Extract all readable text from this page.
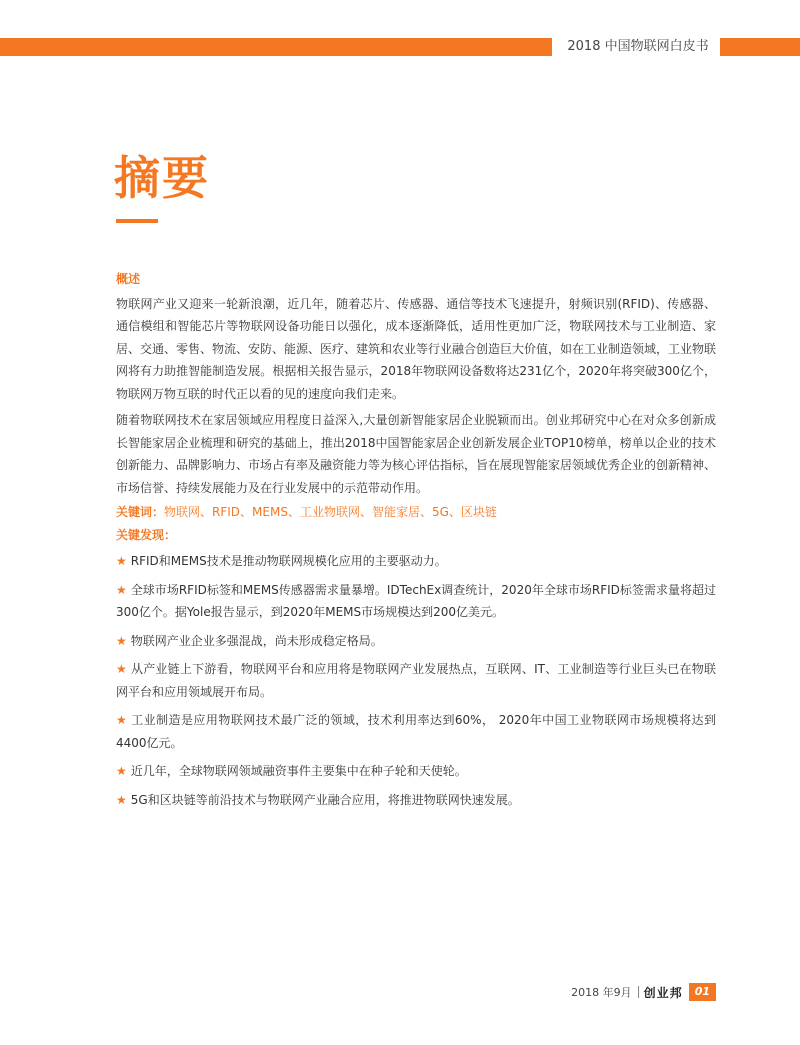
2018 中国物联网白皮书
摘要
概述

物联网产业又迎来一轮新浪潮，近几年，随着芯片、传感器、通信等技术飞速提升，射频识别(RFID)、传感器、通信模组和智能芯片等物联网设备功能日以强化，成本逐渐降低，适用性更加广泛，物联网技术与工业制造、家居、交通、零售、物流、安防、能源、医疗、建筑和农业等行业融合创造巨大价值，如在工业制造领域，工业物联网将有力助推智能制造发展。根据相关报告显示，2018年物联网设备数将达231亿个，2020年将突破300亿个，物联网万物互联的时代正以看的见的速度向我们走来。

随着物联网技术在家居领域应用程度日益深入,大量创新智能家居企业脱颖而出。创业邦研究中心在对众多创新成长智能家居企业梳理和研究的基础上，推出2018中国智能家居企业创新发展企业TOP10榜单，榜单以企业的技术创新能力、品牌影响力、市场占有率及融资能力等为核心评估指标，旨在展现智能家居领域优秀企业的创新精神、市场信誉、持续发展能力及在行业发展中的示范带动作用。

关键词：物联网、RFID、MEMS、工业物联网、智能家居、5G、区块链
关键发现：
★ RFID和MEMS技术是推动物联网规模化应用的主要驱动力。
★ 全球市场RFID标签和MEMS传感器需求量暴增。IDTechEx调查统计，2020年全球市场RFID标签需求量将超过300亿个。据Yole报告显示，到2020年MEMS市场规模达到200亿美元。
★ 物联网产业企业多强混战，尚未形成稳定格局。
★ 从产业链上下游看，物联网平台和应用将是物联网产业发展热点，互联网、IT、工业制造等行业巨头已在物联网平台和应用领域展开布局。
★ 工业制造是应用物联网技术最广泛的领域，技术利用率达到60%， 2020年中国工业物联网市场规模将达到4400亿元。
★ 近几年，全球物联网领域融资事件主要集中在种子轮和天使轮。
★ 5G和区块链等前沿技术与物联网产业融合应用，将推进物联网快速发展。
2018 年9月 创业邦	01
